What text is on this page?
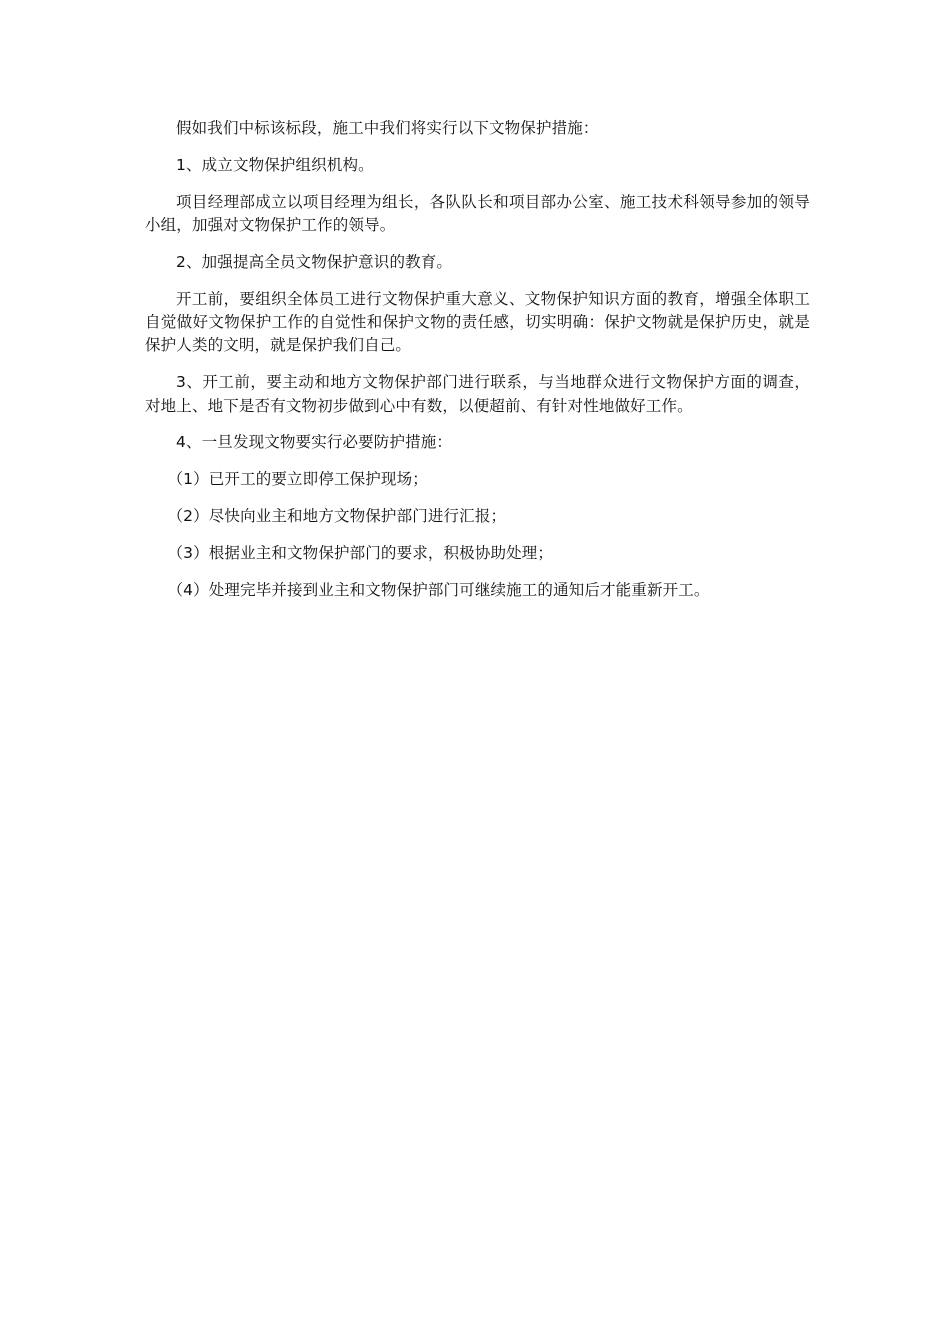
假如我们中标该标段，施工中我们将实行以下文物保护措施：

1、成立文物保护组织机构。

项目经理部成立以项目经理为组长，各队队长和项目部办公室、施工技术科领导参加的领导小组，加强对文物保护工作的领导。

2、加强提高全员文物保护意识的教育。

开工前，要组织全体员工进行文物保护重大意义、文物保护知识方面的教育，增强全体职工自觉做好文物保护工作的自觉性和保护文物的责任感，切实明确：保护文物就是保护历史，就是保护人类的文明，就是保护我们自己。

3、开工前，要主动和地方文物保护部门进行联系，与当地群众进行文物保护方面的调查，对地上、地下是否有文物初步做到心中有数，以便超前、有针对性地做好工作。

4、一旦发现文物要实行必要防护措施：

（1）已开工的要立即停工保护现场；

（2）尽快向业主和地方文物保护部门进行汇报；

（3）根据业主和文物保护部门的要求，积极协助处理；

（4）处理完毕并接到业主和文物保护部门可继续施工的通知后才能重新开工。
